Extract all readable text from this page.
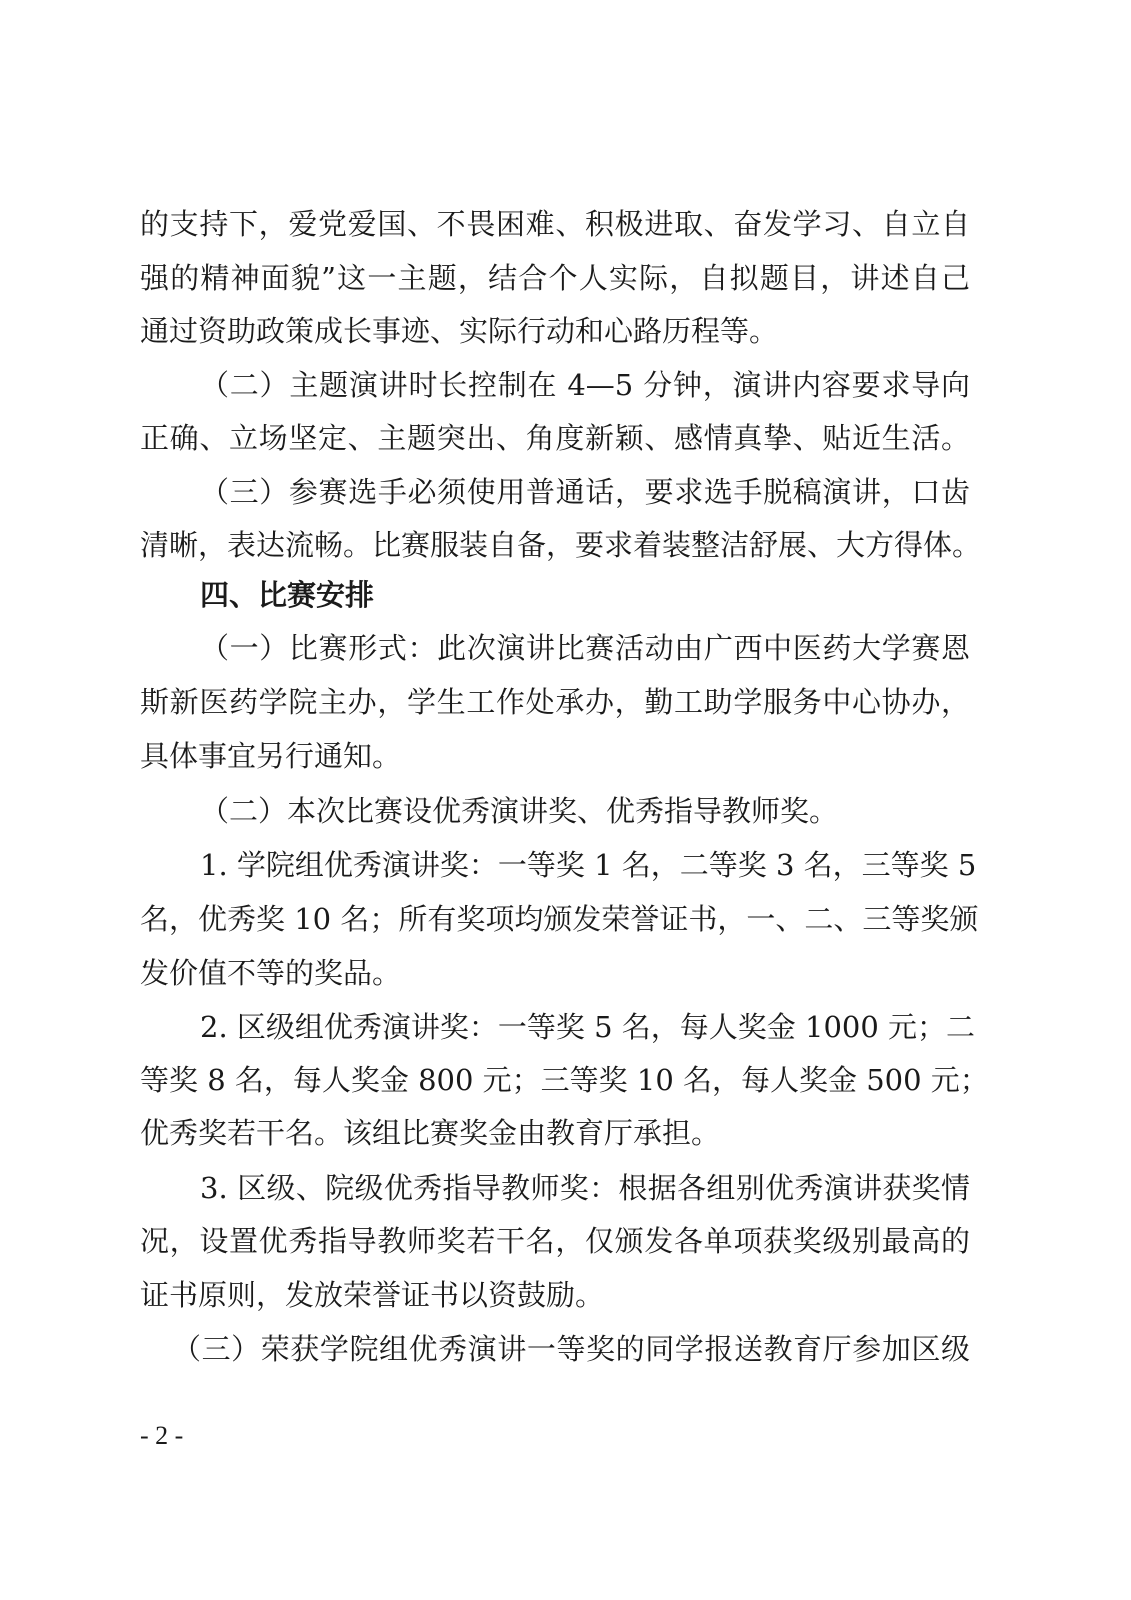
的支持下，爱党爱国、不畏困难、积极进取、奋发学习、自立自
强的精神面貌”这一主题，结合个人实际，自拟题目，讲述自己
通过资助政策成长事迹、实际行动和心路历程等。
（二）主题演讲时长控制在 4—5 分钟，演讲内容要求导向
正确、立场坚定、主题突出、角度新颖、感情真挚、贴近生活。
（三）参赛选手必须使用普通话，要求选手脱稿演讲，口齿
清晰，表达流畅。比赛服装自备，要求着装整洁舒展、大方得体。
四、比赛安排
（一）比赛形式：此次演讲比赛活动由广西中医药大学赛恩
斯新医药学院主办，学生工作处承办，勤工助学服务中心协办，
具体事宜另行通知。
（二）本次比赛设优秀演讲奖、优秀指导教师奖。
1. 学院组优秀演讲奖：一等奖 1 名，二等奖 3 名，三等奖 5
名，优秀奖 10 名；所有奖项均颁发荣誉证书，一、二、三等奖颁
发价值不等的奖品。
2. 区级组优秀演讲奖：一等奖 5 名，每人奖金 1000 元；二
等奖 8 名，每人奖金 800 元；三等奖 10 名，每人奖金 500 元；
优秀奖若干名。该组比赛奖金由教育厅承担。
3. 区级、院级优秀指导教师奖：根据各组别优秀演讲获奖情
况，设置优秀指导教师奖若干名，仅颁发各单项获奖级别最高的
证书原则，发放荣誉证书以资鼓励。
（三）荣获学院组优秀演讲一等奖的同学报送教育厅参加区级
- 2 -
